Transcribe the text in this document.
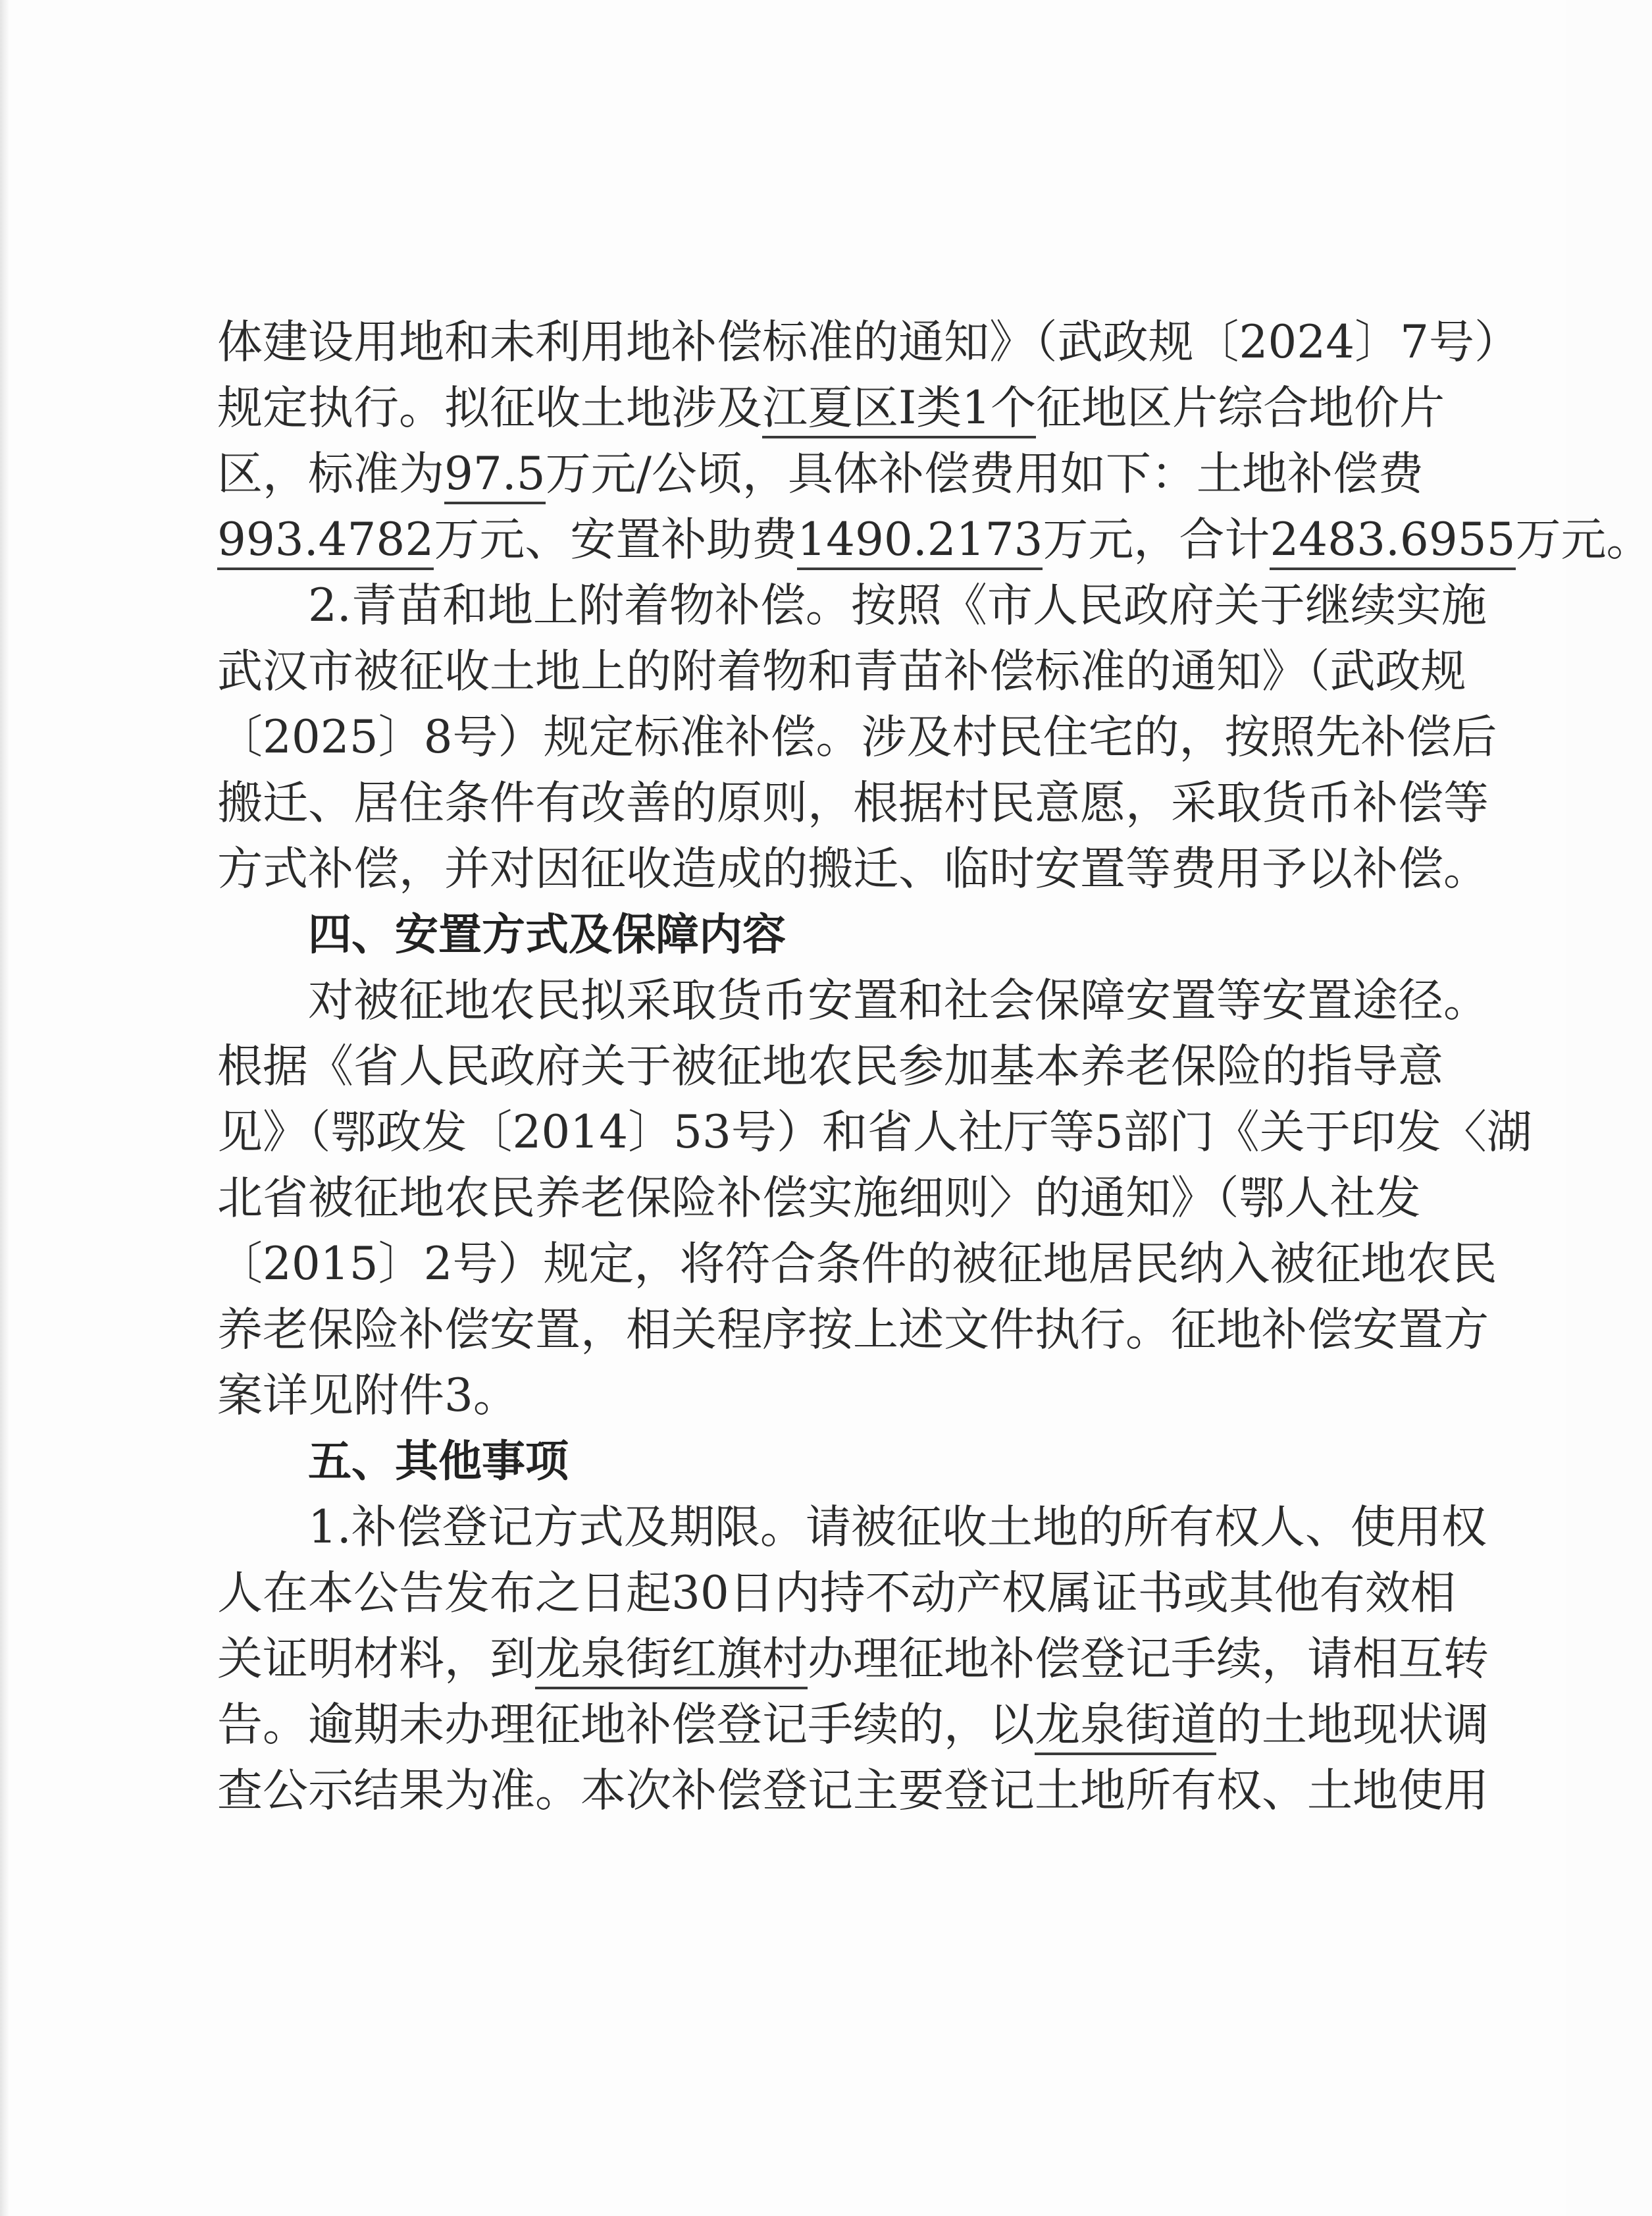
体建设用地和未利用地补偿标准的通知》（武政规〔2024〕7号）
规定执行。拟征收土地涉及江夏区I类1个征地区片综合地价片
区，标准为97.5万元/公顷，具体补偿费用如下：土地补偿费
993.4782万元、安置补助费1490.2173万元，合计2483.6955万元。
2.青苗和地上附着物补偿。按照《市人民政府关于继续实施
武汉市被征收土地上的附着物和青苗补偿标准的通知》（武政规
〔2025〕8号）规定标准补偿。涉及村民住宅的，按照先补偿后
搬迁、居住条件有改善的原则，根据村民意愿，采取货币补偿等
方式补偿，并对因征收造成的搬迁、临时安置等费用予以补偿。
四、安置方式及保障内容
对被征地农民拟采取货币安置和社会保障安置等安置途径。
根据《省人民政府关于被征地农民参加基本养老保险的指导意
见》（鄂政发〔2014〕53号）和省人社厅等5部门《关于印发〈湖
北省被征地农民养老保险补偿实施细则〉的通知》（鄂人社发
〔2015〕2号）规定，将符合条件的被征地居民纳入被征地农民
养老保险补偿安置，相关程序按上述文件执行。征地补偿安置方
案详见附件3。
五、其他事项
1.补偿登记方式及期限。请被征收土地的所有权人、使用权
人在本公告发布之日起30日内持不动产权属证书或其他有效相
关证明材料，到龙泉街红旗村办理征地补偿登记手续，请相互转
告。逾期未办理征地补偿登记手续的，以龙泉街道的土地现状调
查公示结果为准。本次补偿登记主要登记土地所有权、土地使用
